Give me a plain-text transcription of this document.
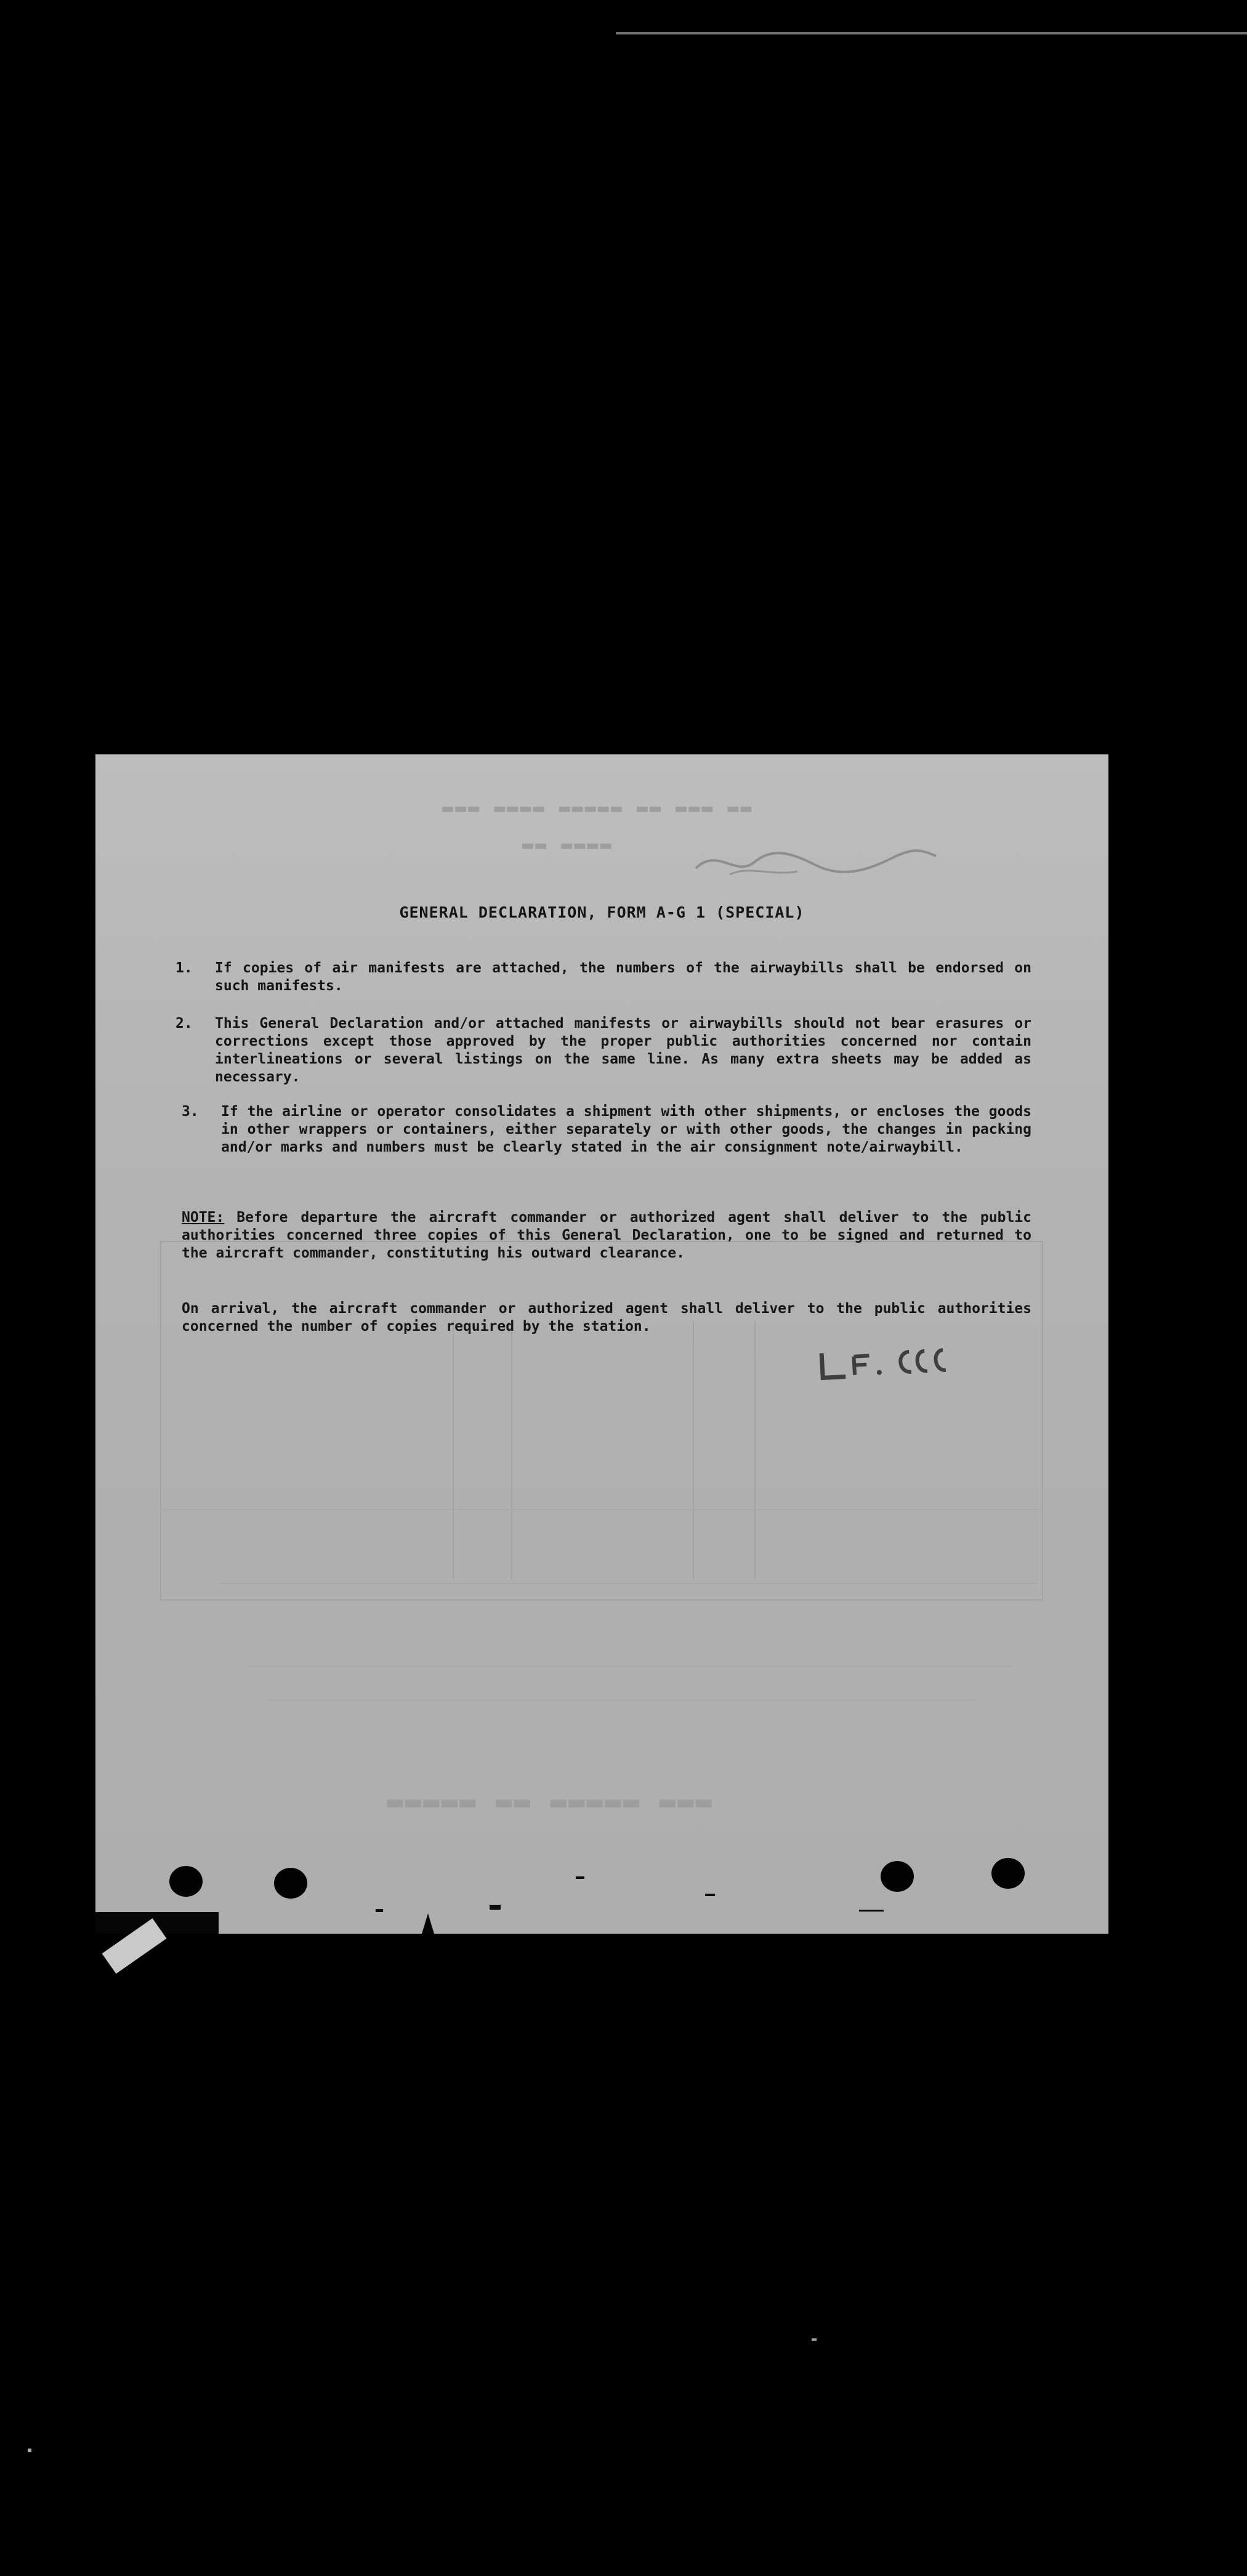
▬▬ ▬▬▬ ▬▬ ▬▬▬▬▬ ▬▬▬▬ ▬▬▬
▬▬▬▬ ▬▬
▬▬▬ ▬▬▬▬▬ ▬▬ ▬▬▬▬▬
GENERAL DECLARATION, FORM A-G 1 (SPECIAL)
1.	If copies of air manifests are attached, the numbers of the airwaybills shall be endorsed on such manifests.
2.	This General Declaration and/or attached manifests or airwaybills should not bear erasures or corrections except those approved by the proper public authorities concerned nor contain interlineations or several listings on the same line. As many extra sheets may be added as necessary.
3.	If the airline or operator consolidates a shipment with other shipments, or encloses the goods in other wrappers or containers, either separately or with other goods, the changes in packing and/or marks and numbers must be clearly stated in the air consignment note/airwaybill.
NOTE: Before departure the aircraft commander or authorized agent shall deliver to the public authorities concerned three copies of this General Declaration, one to be signed and returned to the aircraft commander, constituting his outward clearance.
On arrival, the aircraft commander or authorized agent shall deliver to the public authorities concerned the number of copies required by the station.
